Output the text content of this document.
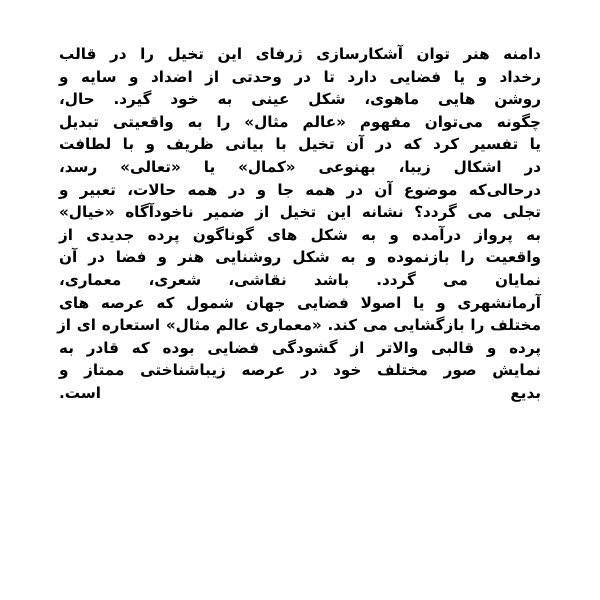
دامنه هنر توان آشکارسازی ژرفای این تخیل را در قالب

رخداد و یا فضایی دارد تا در وحدتی از اضداد و سایه و

روشن هایی ماهوی، شکل عینی به خود گیرد. حال،

چگونه می‌توان مفهوم «عالم مثال» را به واقعیتی تبدیل

یا تفسیر کرد که در آن تخیل با بیانی ظریف و با لطافت

در اشکال زیبا، بهنوعی «کمال» یا «تعالی» رسد،

درحالی‌که موضوع آن در همه جا و در همه حالات، تعبیر و

تجلی می گردد؟ نشانه این تخیل از ضمیر ناخودآگاه «خیال»

به پرواز درآمده و به شکل های گوناگون پرده جدیدی از

واقعیت را بازنموده و به شکل روشنایی هنر و فضا در آن

نمایان می گردد. باشد نقاشی، شعری، معماری،

آرمانشهری و یا اصولا فضایی جهان شمول که عرصه های

مختلف را بازگشایی می کند. «معماری عالم مثال» استعاره ای از

پرده و قالبی والاتر از گشودگی فضایی بوده که قادر به

نمایش صور مختلف خود در عرصه زیباشناختی ممتاز و

بدیع است.
